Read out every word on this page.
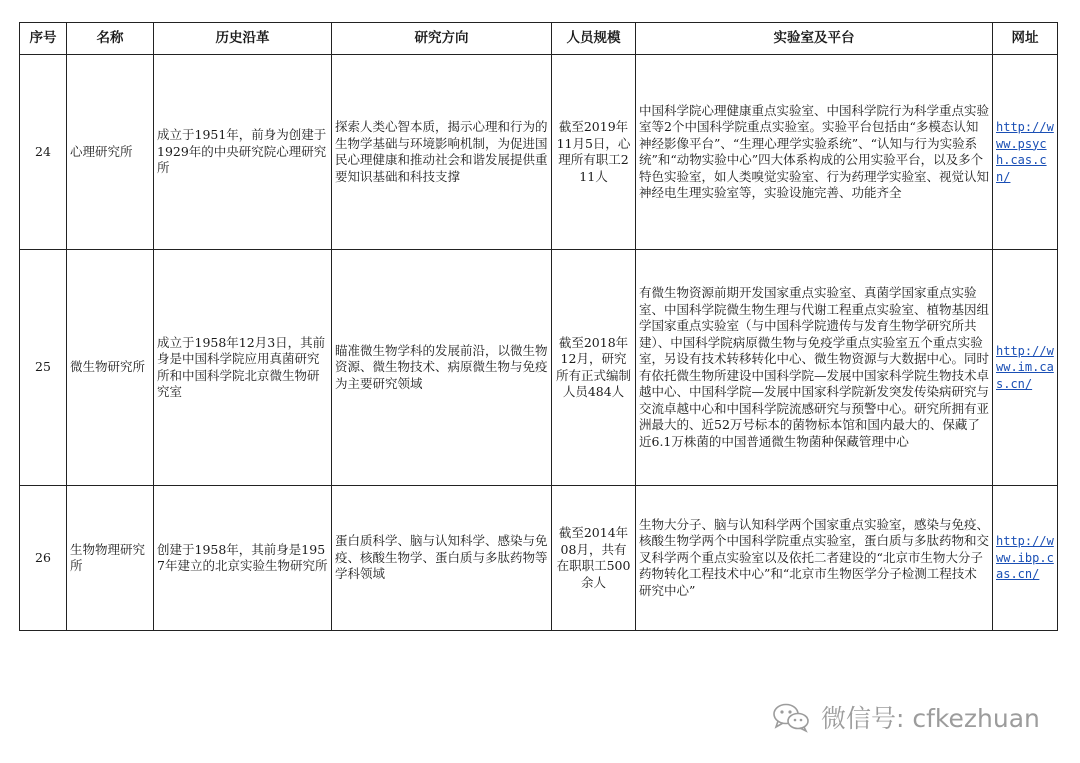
序号	名称	历史沿革	研究方向	人员规模	实验室及平台	网址
24	心理研究所	成立于1951年，前身为创建于1929年的中央研究院心理研究所	探索人类心智本质，揭示心理和行为的生物学基础与环境影响机制，为促进国民心理健康和推动社会和谐发展提供重要知识基础和科技支撑	截至2019年11月5日，心理所有职工211人	中国科学院心理健康重点实验室、中国科学院行为科学重点实验室等2个中国科学院重点实验室。实验平台包括由“多模态认知神经影像平台”、“生理心理学实验系统”、“认知与行为实验系统”和“动物实验中心”四大体系构成的公用实验平台，以及多个特色实验室，如人类嗅觉实验室、行为药理学实验室、视觉认知神经电生理实验室等，实验设施完善、功能齐全	http://www.psych.cas.cn/
25	微生物研究所	成立于1958年12月3日，其前身是中国科学院应用真菌研究所和中国科学院北京微生物研究室	瞄准微生物学科的发展前沿，以微生物资源、微生物技术、病原微生物与免疫为主要研究领域	截至2018年12月，研究所有正式编制人员484人	有微生物资源前期开发国家重点实验室、真菌学国家重点实验室、中国科学院微生物生理与代谢工程重点实验室、植物基因组学国家重点实验室（与中国科学院遗传与发育生物学研究所共建）、中国科学院病原微生物与免疫学重点实验室五个重点实验室，另设有技术转移转化中心、微生物资源与大数据中心。同时有依托微生物所建设中国科学院—发展中国家科学院生物技术卓越中心、中国科学院—发展中国家科学院新发突发传染病研究与交流卓越中心和中国科学院流感研究与预警中心。研究所拥有亚洲最大的、近52万号标本的菌物标本馆和国内最大的、保藏了近6.1万株菌的中国普通微生物菌种保藏管理中心	http://www.im.cas.cn/
26	生物物理研究所	创建于1958年，其前身是1957年建立的北京实验生物研究所	蛋白质科学、脑与认知科学、感染与免疫、核酸生物学、蛋白质与多肽药物等学科领域	截至2014年08月，共有在职职工500余人	生物大分子、脑与认知科学两个国家重点实验室，感染与免疫、核酸生物学两个中国科学院重点实验室，蛋白质与多肽药物和交叉科学两个重点实验室以及依托二者建设的“北京市生物大分子药物转化工程技术中心”和“北京市生物医学分子检测工程技术研究中心”	http://www.ibp.cas.cn/
微信号: cfkezhuan
